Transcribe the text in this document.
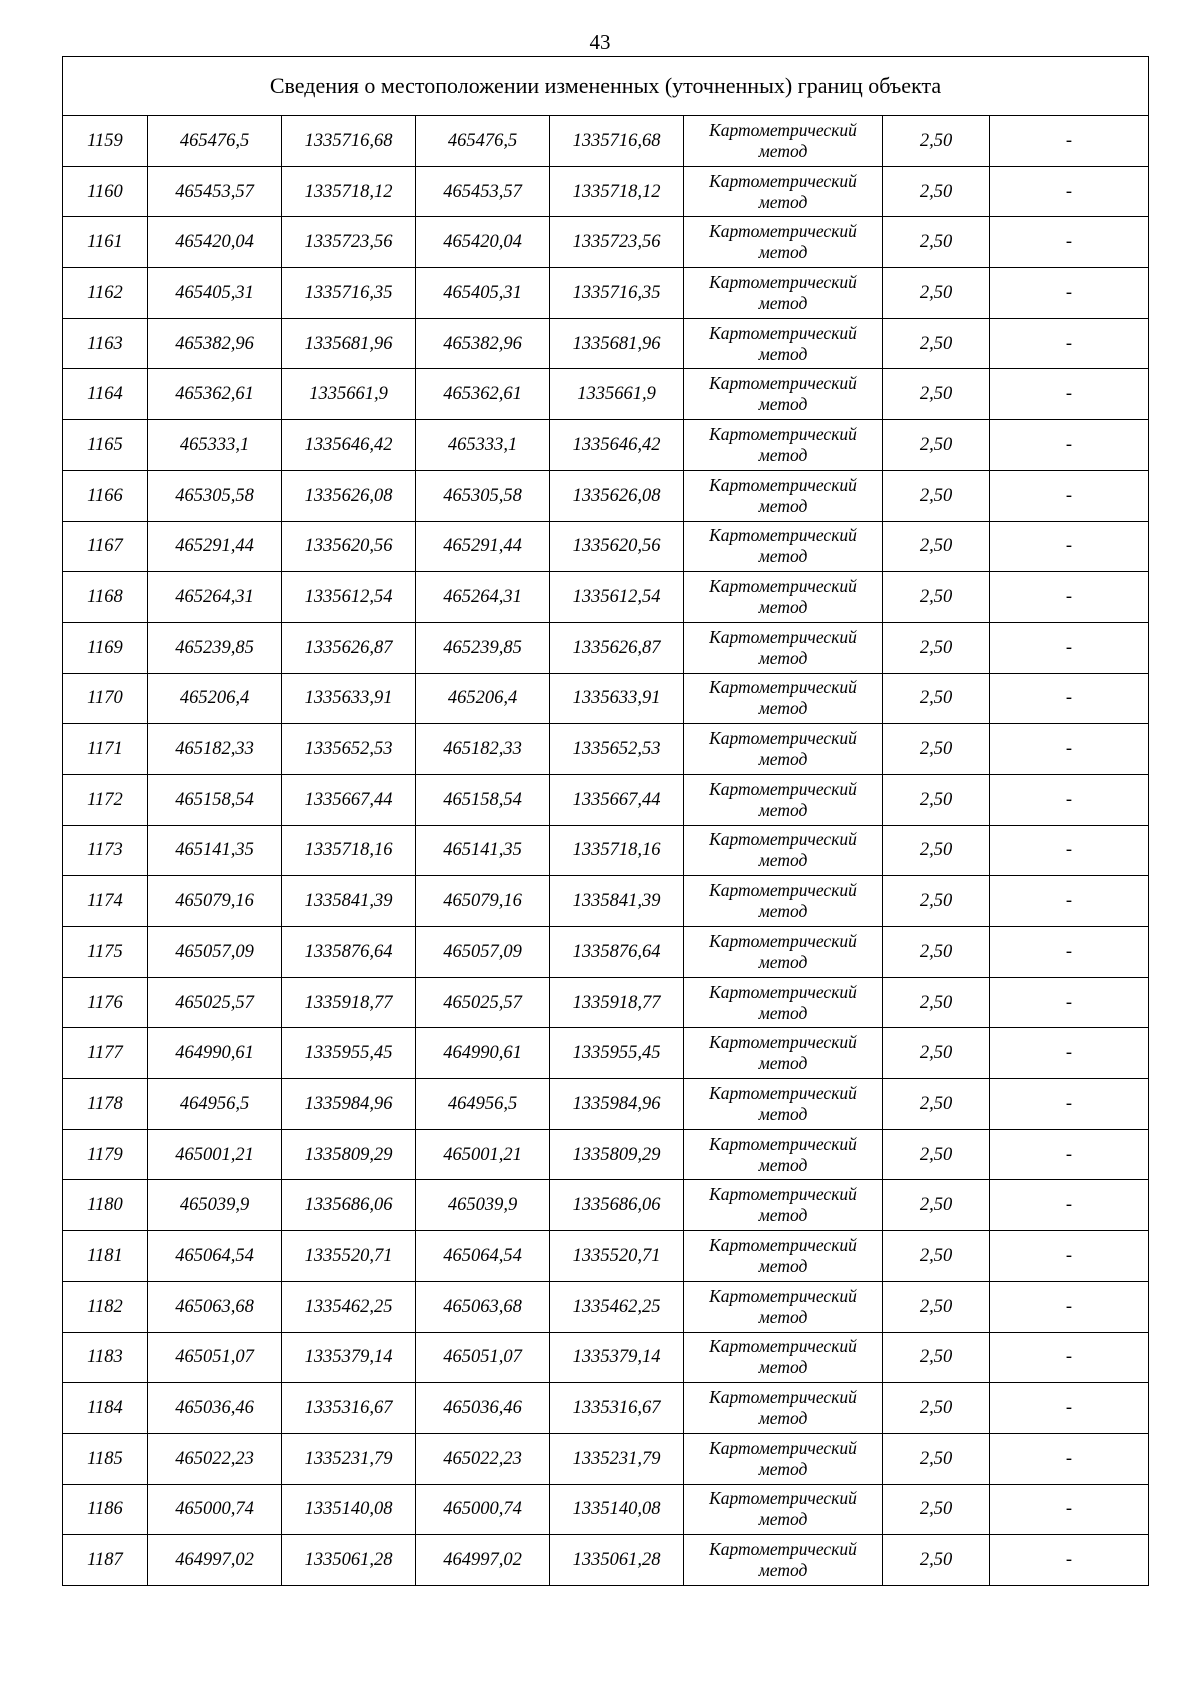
43
Сведения о местоположении измененных (уточненных) границ объекта							
1159	465476,5	1335716,68	465476,5	1335716,68	Картометрический метод	2,50	-
1160	465453,57	1335718,12	465453,57	1335718,12	Картометрический метод	2,50	-
1161	465420,04	1335723,56	465420,04	1335723,56	Картометрический метод	2,50	-
1162	465405,31	1335716,35	465405,31	1335716,35	Картометрический метод	2,50	-
1163	465382,96	1335681,96	465382,96	1335681,96	Картометрический метод	2,50	-
1164	465362,61	1335661,9	465362,61	1335661,9	Картометрический метод	2,50	-
1165	465333,1	1335646,42	465333,1	1335646,42	Картометрический метод	2,50	-
1166	465305,58	1335626,08	465305,58	1335626,08	Картометрический метод	2,50	-
1167	465291,44	1335620,56	465291,44	1335620,56	Картометрический метод	2,50	-
1168	465264,31	1335612,54	465264,31	1335612,54	Картометрический метод	2,50	-
1169	465239,85	1335626,87	465239,85	1335626,87	Картометрический метод	2,50	-
1170	465206,4	1335633,91	465206,4	1335633,91	Картометрический метод	2,50	-
1171	465182,33	1335652,53	465182,33	1335652,53	Картометрический метод	2,50	-
1172	465158,54	1335667,44	465158,54	1335667,44	Картометрический метод	2,50	-
1173	465141,35	1335718,16	465141,35	1335718,16	Картометрический метод	2,50	-
1174	465079,16	1335841,39	465079,16	1335841,39	Картометрический метод	2,50	-
1175	465057,09	1335876,64	465057,09	1335876,64	Картометрический метод	2,50	-
1176	465025,57	1335918,77	465025,57	1335918,77	Картометрический метод	2,50	-
1177	464990,61	1335955,45	464990,61	1335955,45	Картометрический метод	2,50	-
1178	464956,5	1335984,96	464956,5	1335984,96	Картометрический метод	2,50	-
1179	465001,21	1335809,29	465001,21	1335809,29	Картометрический метод	2,50	-
1180	465039,9	1335686,06	465039,9	1335686,06	Картометрический метод	2,50	-
1181	465064,54	1335520,71	465064,54	1335520,71	Картометрический метод	2,50	-
1182	465063,68	1335462,25	465063,68	1335462,25	Картометрический метод	2,50	-
1183	465051,07	1335379,14	465051,07	1335379,14	Картометрический метод	2,50	-
1184	465036,46	1335316,67	465036,46	1335316,67	Картометрический метод	2,50	-
1185	465022,23	1335231,79	465022,23	1335231,79	Картометрический метод	2,50	-
1186	465000,74	1335140,08	465000,74	1335140,08	Картометрический метод	2,50	-
1187	464997,02	1335061,28	464997,02	1335061,28	Картометрический метод	2,50	-
